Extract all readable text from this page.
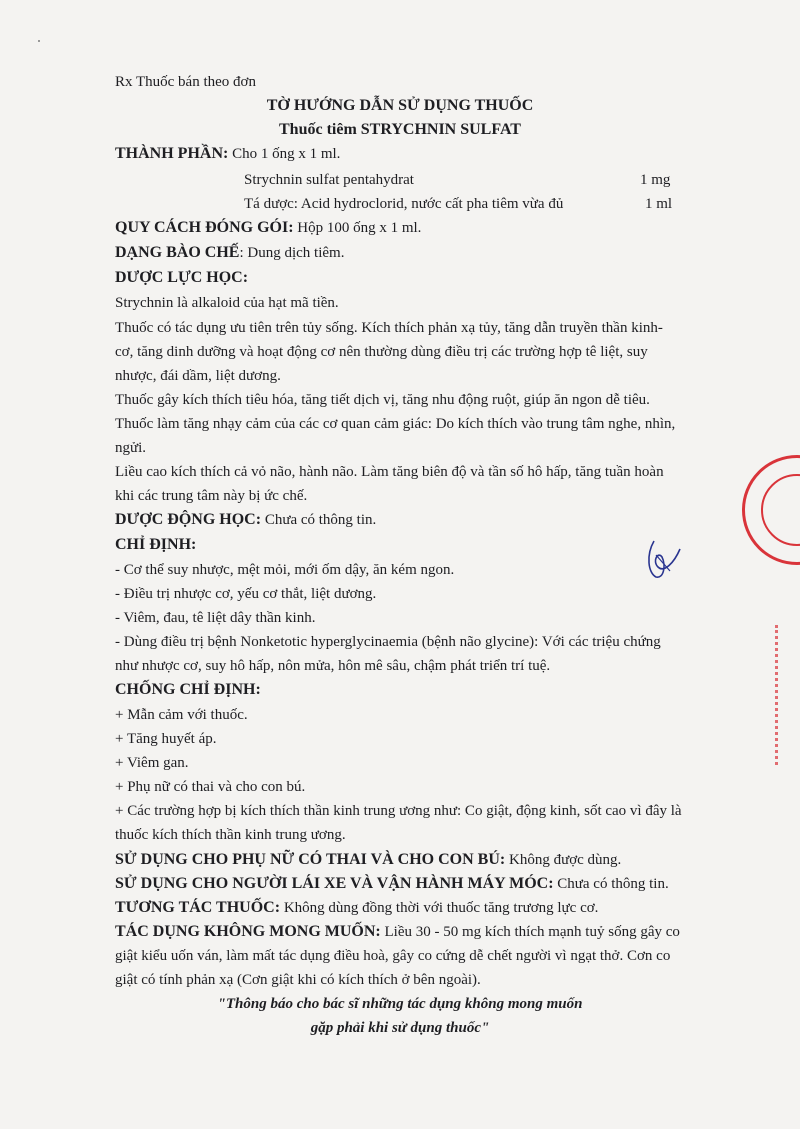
Rx Thuốc bán theo đơn
TỜ HƯỚNG DẪN SỬ DỤNG THUỐC
Thuốc tiêm STRYCHNIN SULFAT
THÀNH PHẦN: Cho 1 ống x 1 ml.
Strychnin sulfat pentahydrat	1 mg
Tá dược: Acid hydroclorid, nước cất pha tiêm vừa đủ	1 ml
QUY CÁCH ĐÓNG GÓI: Hộp 100 ống x 1 ml.
DẠNG BÀO CHẾ: Dung dịch tiêm.
DƯỢC LỰC HỌC:
Strychnin là alkaloid của hạt mã tiền.
Thuốc có tác dụng ưu tiên trên tủy sống. Kích thích phản xạ tủy, tăng dẫn truyền thần kinh-
cơ, tăng dinh dưỡng và hoạt động cơ nên thường dùng điều trị các trường hợp tê liệt, suy
nhược, đái dầm, liệt dương.
Thuốc gây kích thích tiêu hóa, tăng tiết dịch vị, tăng nhu động ruột, giúp ăn ngon dễ tiêu.
Thuốc làm tăng nhạy cảm của các cơ quan cảm giác: Do kích thích vào trung tâm nghe, nhìn,
ngửi.
Liều cao kích thích cả vỏ não, hành não. Làm tăng biên độ và tần số hô hấp, tăng tuần hoàn
khi các trung tâm này bị ức chế.
DƯỢC ĐỘNG HỌC: Chưa có thông tin.
CHỈ ĐỊNH:
- Cơ thể suy nhược, mệt mỏi, mới ốm dậy, ăn kém ngon.
- Điều trị nhược cơ, yếu cơ thắt, liệt dương.
- Viêm, đau, tê liệt dây thần kinh.
- Dùng điều trị bệnh Nonketotic hyperglycinaemia (bệnh não glycine): Với các triệu chứng
như nhược cơ, suy hô hấp, nôn mửa, hôn mê sâu, chậm phát triển trí tuệ.
CHỐNG CHỈ ĐỊNH:
+ Mẫn cảm với thuốc.
+ Tăng huyết áp.
+ Viêm gan.
+ Phụ nữ có thai và cho con bú.
+ Các trường hợp bị kích thích thần kinh trung ương như: Co giật, động kinh, sốt cao vì đây là
thuốc kích thích thần kinh trung ương.
SỬ DỤNG CHO PHỤ NỮ CÓ THAI VÀ CHO CON BÚ: Không được dùng.
SỬ DỤNG CHO NGƯỜI LÁI XE VÀ VẬN HÀNH MÁY MÓC: Chưa có thông tin.
TƯƠNG TÁC THUỐC: Không dùng đồng thời với thuốc tăng trương lực cơ.
TÁC DỤNG KHÔNG MONG MUỐN: Liều 30 - 50 mg kích thích mạnh tuỷ sống gây co
giật kiểu uốn ván, làm mất tác dụng điều hoà, gây co cứng dễ chết người vì ngạt thở. Cơn co
giật có tính phản xạ (Cơn giật khi có kích thích ở bên ngoài).
"Thông báo cho bác sĩ những tác dụng không mong muốn
gặp phải khi sử dụng thuốc"
